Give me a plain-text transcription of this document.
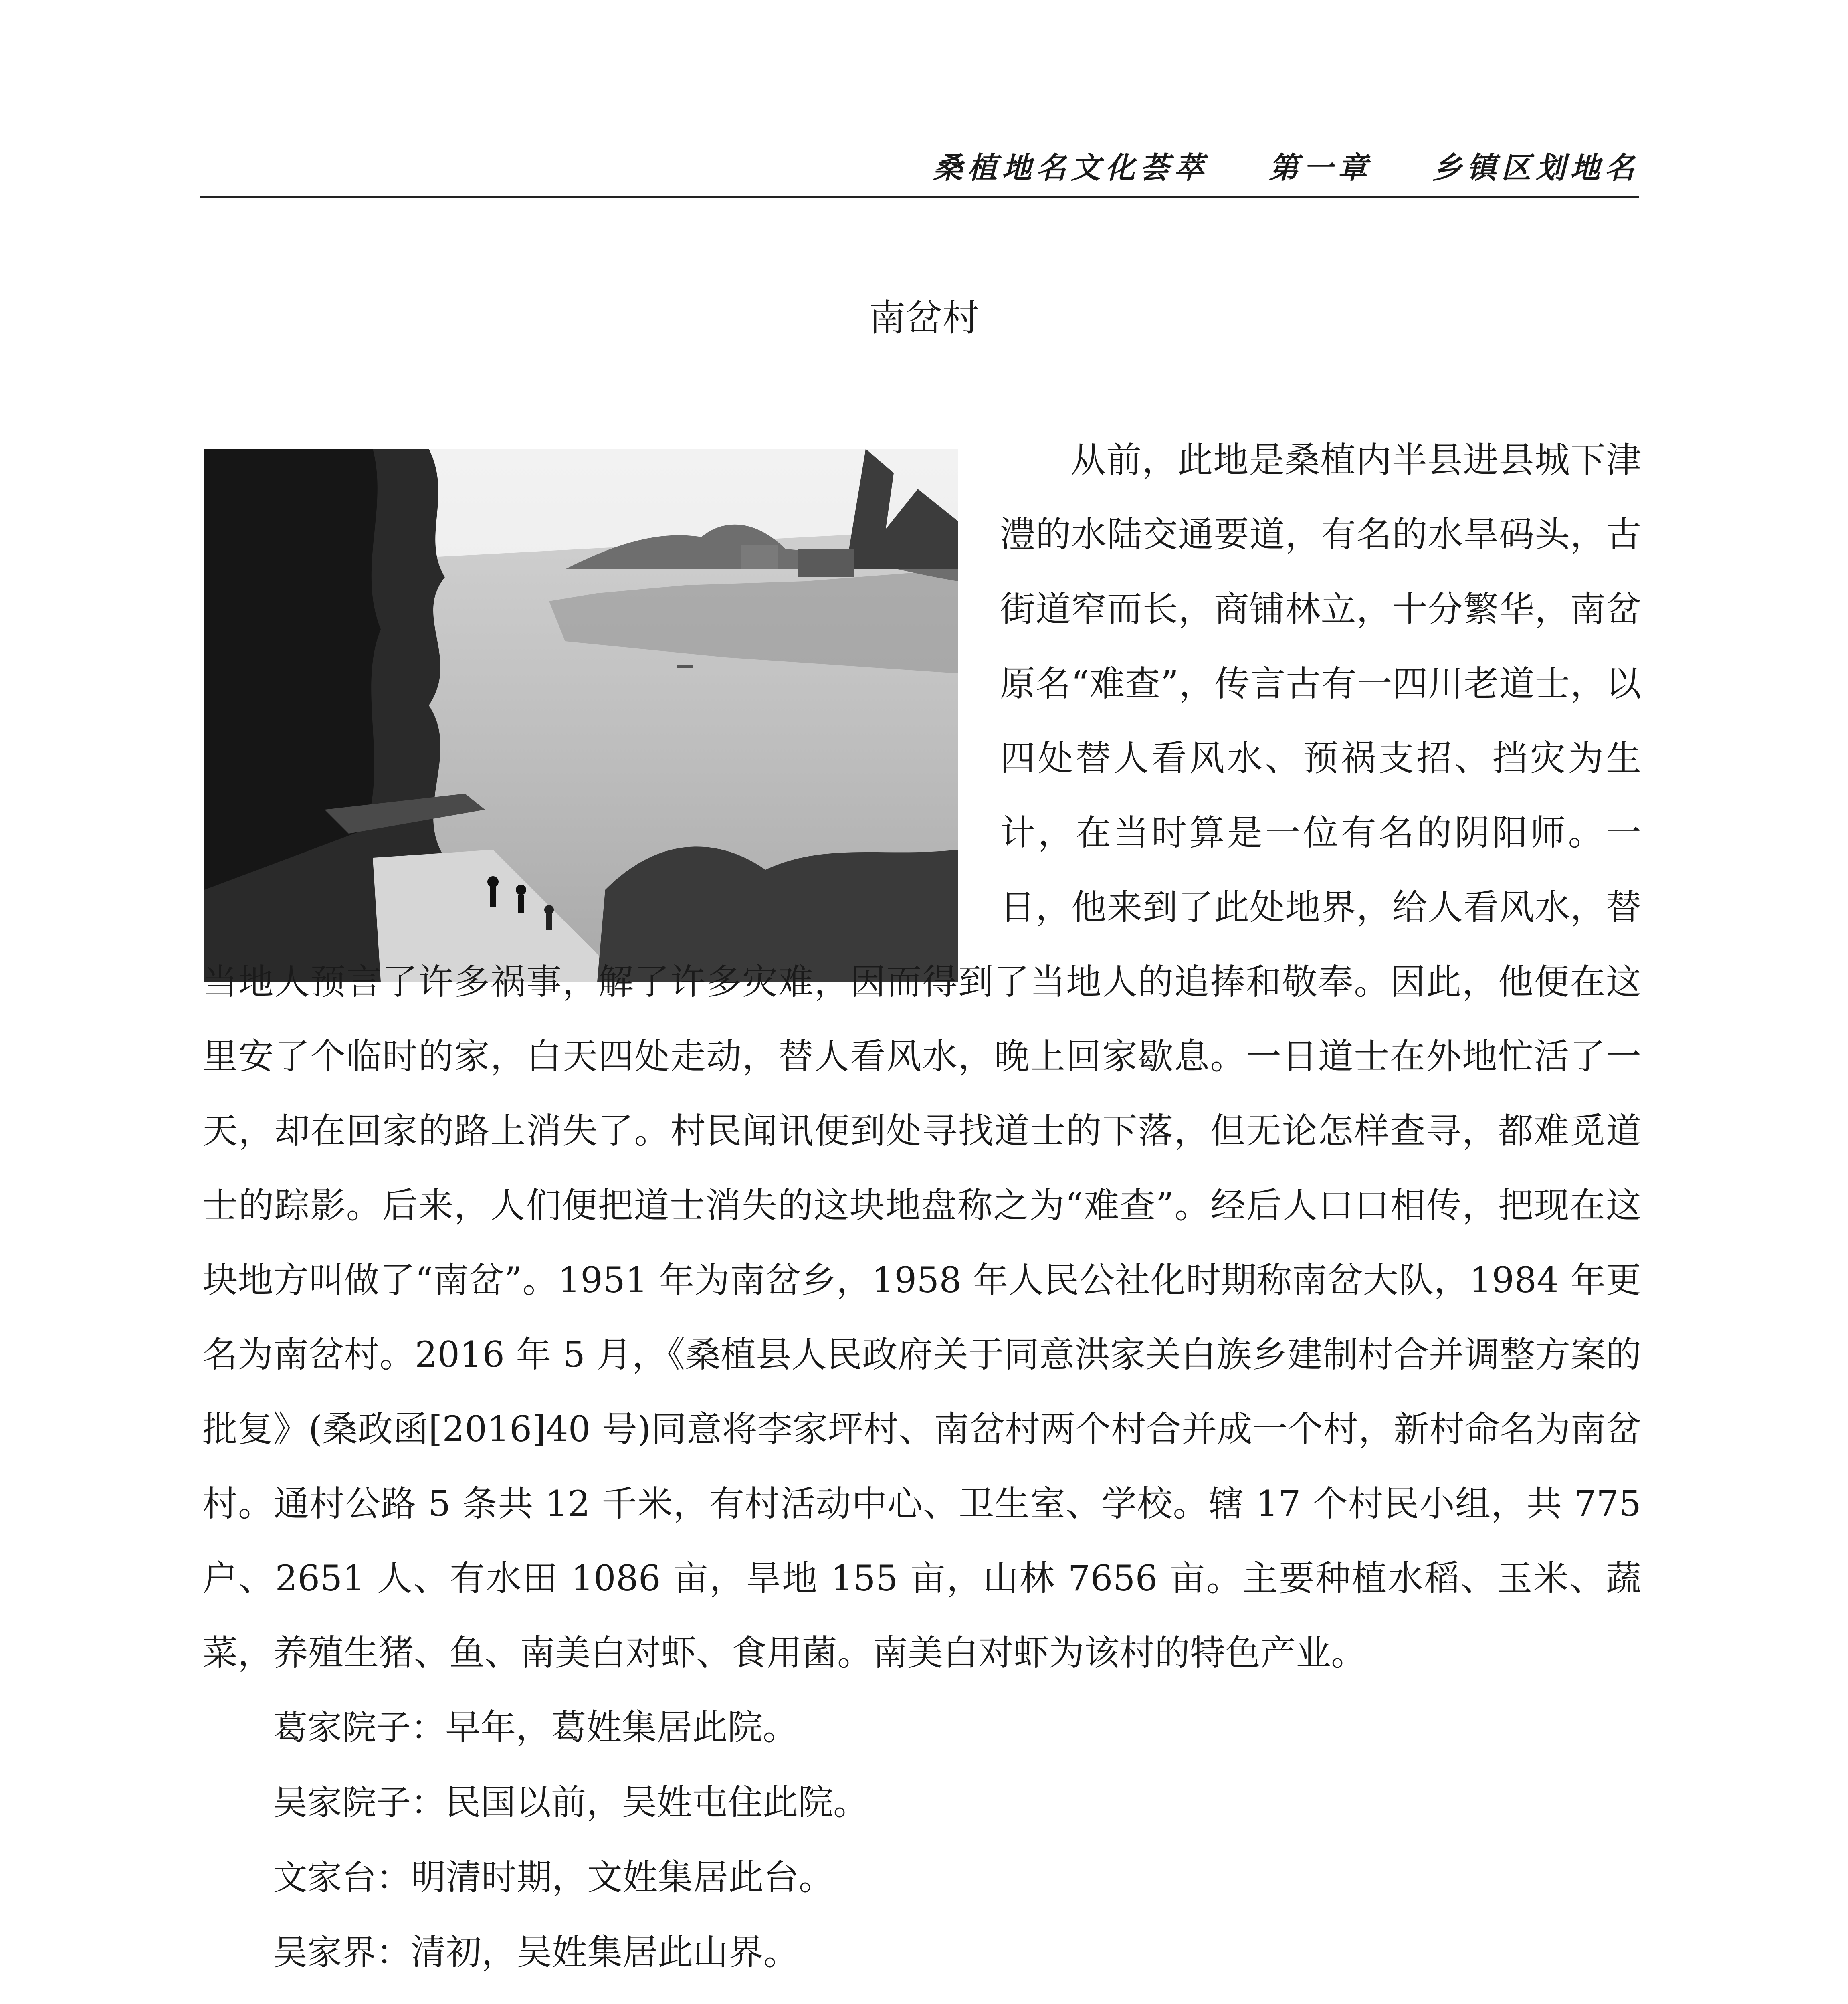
桑植地名文化荟萃 第一章 乡镇区划地名
南岔村

从前，此地是桑植内半县进县城下津澧的水陆交通要道，有名的水旱码头，古街道窄而长，商铺林立，十分繁华，南岔原名“难查”，传言古有一四川老道士，以四处替人看风水、预祸支招、挡灾为生计，在当时算是一位有名的阴阳师。一日，他来到了此处地界，给人看风水，替当地人预言了许多祸事，解了许多灾难，因而得到了当地人的追捧和敬奉。因此，他便在这里安了个临时的家，白天四处走动，替人看风水，晚上回家歇息。一日道士在外地忙活了一天，却在回家的路上消失了。村民闻讯便到处寻找道士的下落，但无论怎样查寻，都难觅道士的踪影。后来，人们便把道士消失的这块地盘称之为“难查”。经后人口口相传，把现在这块地方叫做了“南岔”。1951 年为南岔乡，1958 年人民公社化时期称南岔大队，1984 年更名为南岔村。2016 年 5 月，《桑植县人民政府关于同意洪家关白族乡建制村合并调整方案的批复》(桑政函[2016]40 号)同意将李家坪村、南岔村两个村合并成一个村，新村命名为南岔村。通村公路 5 条共 12 千米，有村活动中心、卫生室、学校。辖 17 个村民小组，共 775 户、2651 人、有水田 1086 亩，旱地 155 亩，山林 7656 亩。主要种植水稻、玉米、蔬菜，养殖生猪、鱼、南美白对虾、食用菌。南美白对虾为该村的特色产业。

葛家院子：早年，葛姓集居此院。

吴家院子：民国以前，吴姓屯住此院。

文家台：明清时期，文姓集居此台。

吴家界：清初，吴姓集居此山界。
